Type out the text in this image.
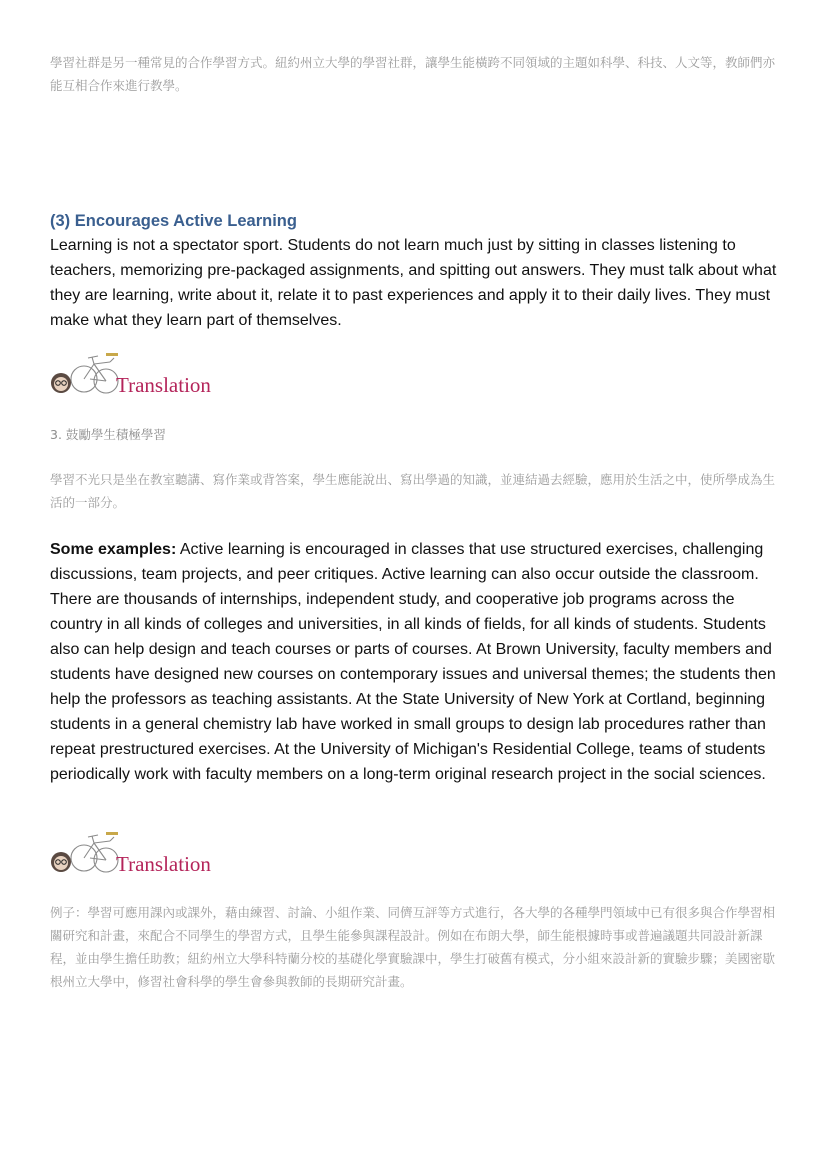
學習社群是另一種常見的合作學習方式。紐約州立大學的學習社群，讓學生能橫跨不同領域的主題如科學、科技、人文等，教師們亦能互相合作來進行教學。

(3) Encourages Active Learning

Learning is not a spectator sport. Students do not learn much just by sitting in classes listening to teachers, memorizing pre-packaged assignments, and spitting out answers. They must talk about what they are learning, write about it, relate it to past experiences and apply it to their daily lives. They must make what they learn part of themselves.

Translation

3. 鼓勵學生積極學習

學習不光只是坐在教室聽講、寫作業或背答案，學生應能說出、寫出學過的知識，並連結過去經驗，應用於生活之中，使所學成為生活的一部分。

Some examples: Active learning is encouraged in classes that use structured exercises, challenging discussions, team projects, and peer critiques. Active learning can also occur outside the classroom. There are thousands of internships, independent study, and cooperative job programs across the country in all kinds of colleges and universities, in all kinds of fields, for all kinds of students. Students also can help design and teach courses or parts of courses. At Brown University, faculty members and students have designed new courses on contemporary issues and universal themes; the students then help the professors as teaching assistants. At the State University of New York at Cortland, beginning students in a general chemistry lab have worked in small groups to design lab procedures rather than repeat prestructured exercises. At the University of Michigan's Residential College, teams of students periodically work with faculty members on a long-term original research project in the social sciences.

Translation

例子：學習可應用課內或課外，藉由練習、討論、小組作業、同儕互評等方式進行，各大學的各種學門領域中已有很多與合作學習相關研究和計畫，來配合不同學生的學習方式，且學生能參與課程設計。例如在布朗大學，師生能根據時事或普遍議題共同設計新課程，並由學生擔任助教；紐約州立大學科特蘭分校的基礎化學實驗課中，學生打破舊有模式，分小組來設計新的實驗步驟；美國密歇根州立大學中，修習社會科學的學生會參與教師的長期研究計畫。
